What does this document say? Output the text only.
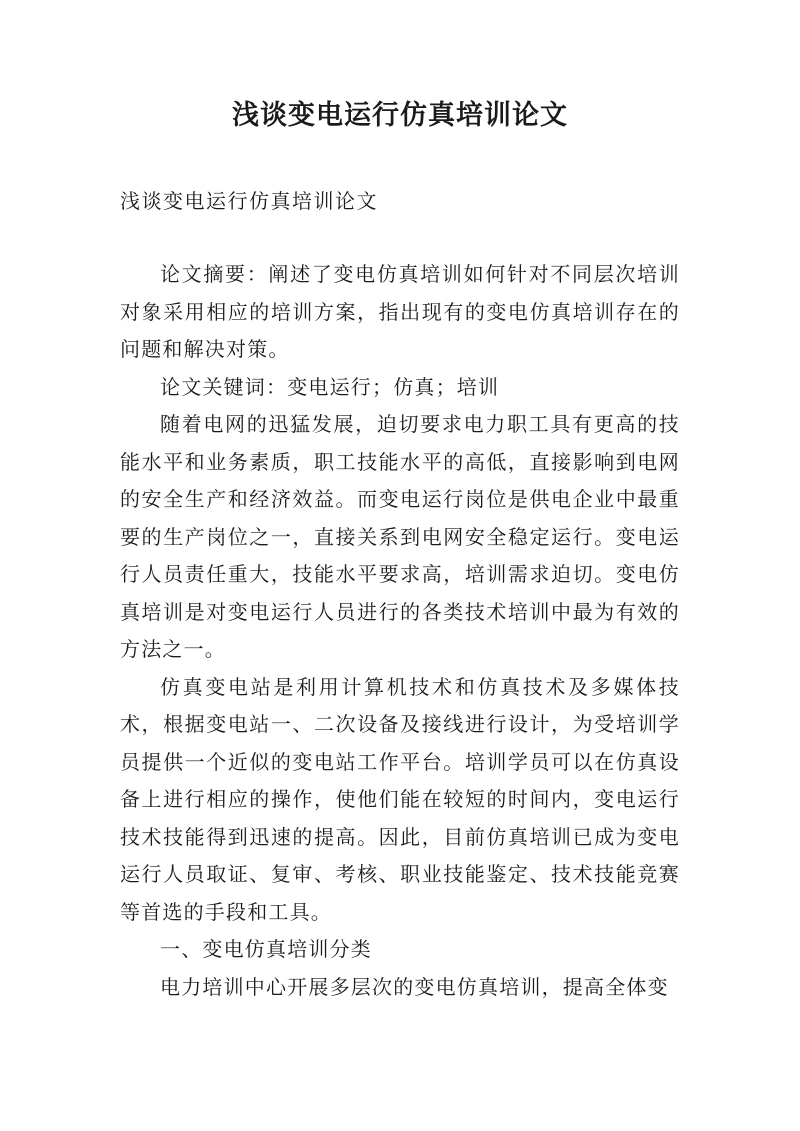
浅谈变电运行仿真培训论文

浅谈变电运行仿真培训论文

论文摘要：阐述了变电仿真培训如何针对不同层次培训对象采用相应的培训方案，指出现有的变电仿真培训存在的问题和解决对策。

论文关键词：变电运行；仿真；培训

随着电网的迅猛发展，迫切要求电力职工具有更高的技能水平和业务素质，职工技能水平的高低，直接影响到电网的安全生产和经济效益。而变电运行岗位是供电企业中最重要的生产岗位之一，直接关系到电网安全稳定运行。变电运行人员责任重大，技能水平要求高，培训需求迫切。变电仿真培训是对变电运行人员进行的各类技术培训中最为有效的方法之一。

仿真变电站是利用计算机技术和仿真技术及多媒体技术，根据变电站一、二次设备及接线进行设计，为受培训学员提供一个近似的变电站工作平台。培训学员可以在仿真设备上进行相应的操作，使他们能在较短的时间内，变电运行技术技能得到迅速的提高。因此，目前仿真培训已成为变电运行人员取证、复审、考核、职业技能鉴定、技术技能竞赛等首选的手段和工具。

一、变电仿真培训分类

电力培训中心开展多层次的变电仿真培训，提高全体变
